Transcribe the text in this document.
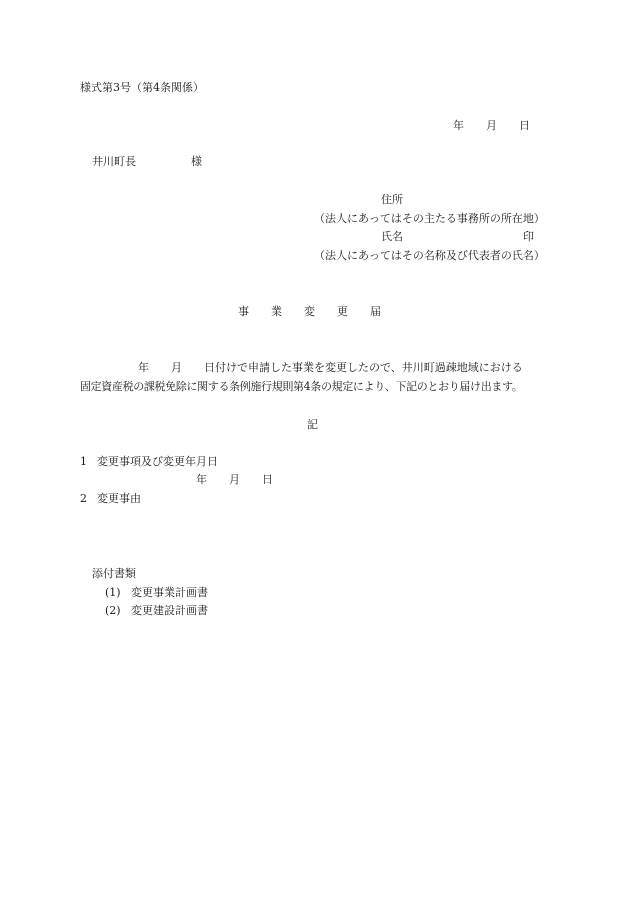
様式第3号（第4条関係）
年　　月　　日
井川町長　　　　　様
住所
（法人にあってはその主たる事務所の所在地）
氏名	印
（法人にあってはその名称及び代表者の氏名）
事　　業　　変　　更　　届
年　　月　　日付けで申請した事業を変更したので、井川町過疎地域における
固定資産税の課税免除に関する条例施行規則第4条の規定により、下記のとおり届け出ます。
記
1 変更事項及び変更年月日
年　　月　　日
2 変更事由
添付書類
(1) 変更事業計画書
(2) 変更建設計画書
